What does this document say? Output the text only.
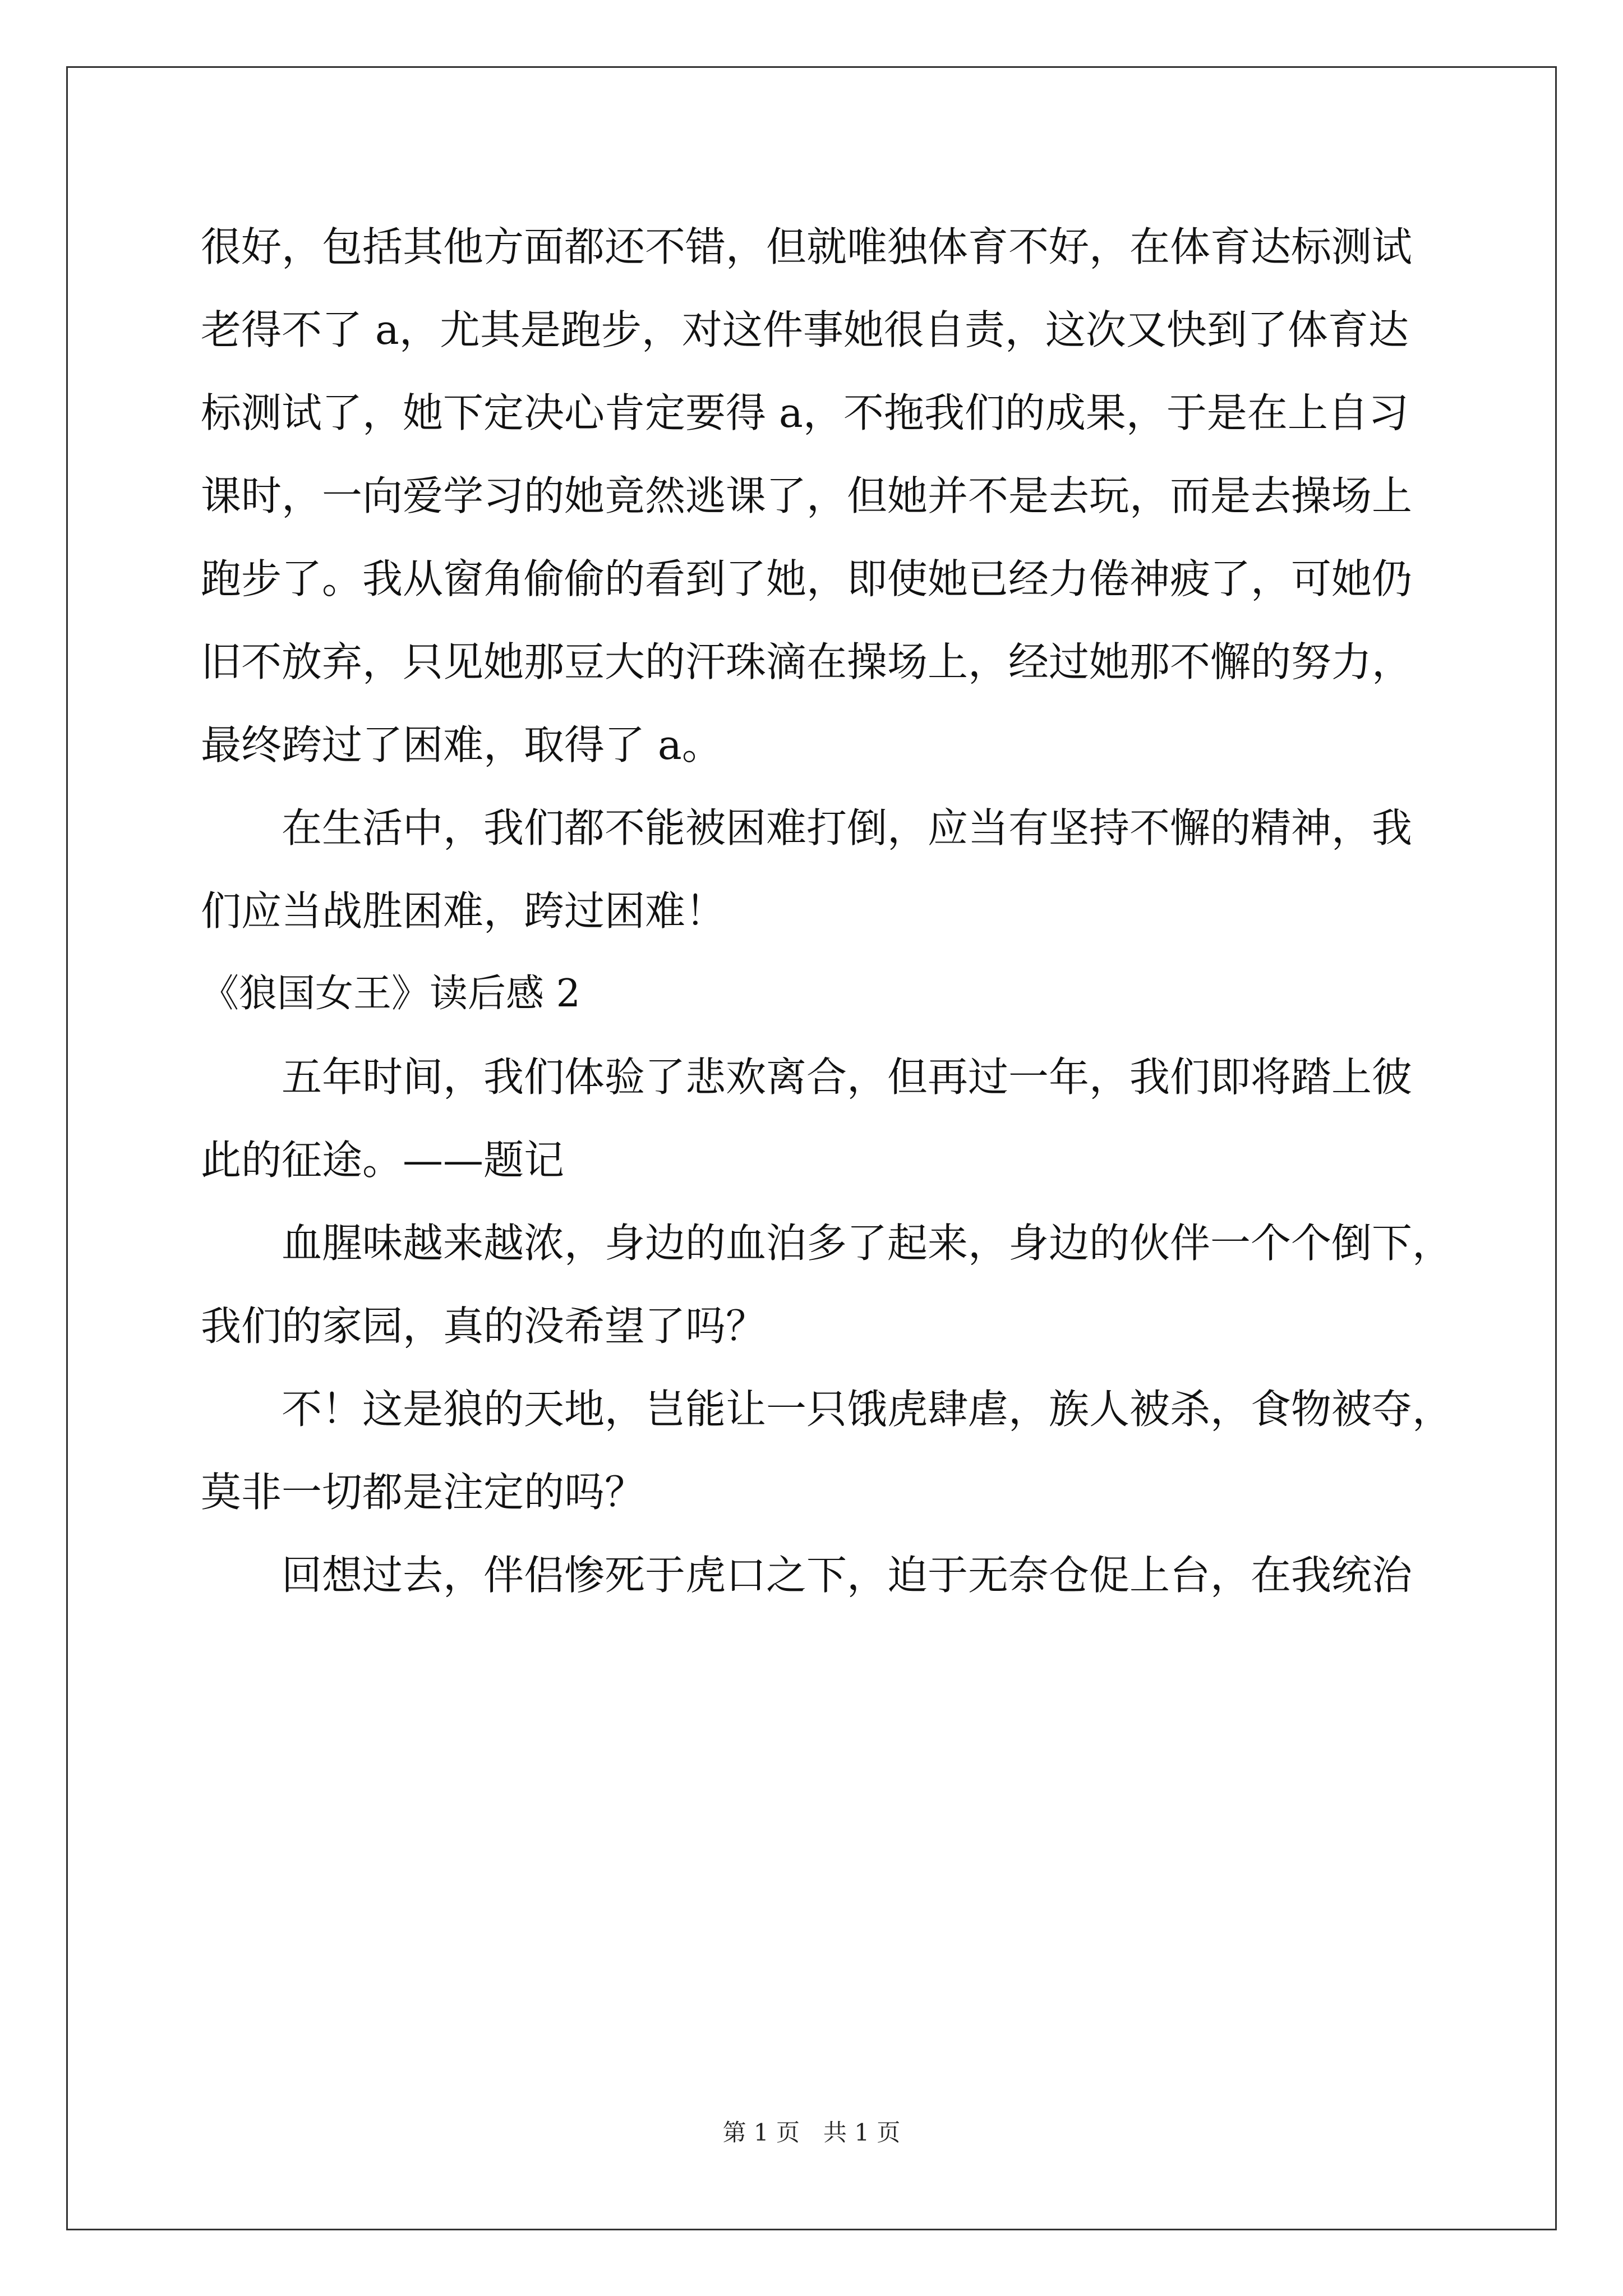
很好，包括其他方面都还不错，但就唯独体育不好，在体育达标测试
老得不了 a，尤其是跑步，对这件事她很自责，这次又快到了体育达
标测试了，她下定决心肯定要得 a，不拖我们的成果，于是在上自习
课时，一向爱学习的她竟然逃课了，但她并不是去玩，而是去操场上
跑步了。我从窗角偷偷的看到了她，即使她已经力倦神疲了，可她仍
旧不放弃，只见她那豆大的汗珠滴在操场上，经过她那不懈的努力，
最终跨过了困难，取得了 a。
在生活中，我们都不能被困难打倒，应当有坚持不懈的精神，我
们应当战胜困难，跨过困难！
《狼国女王》读后感 2
五年时间，我们体验了悲欢离合，但再过一年，我们即将踏上彼
此的征途。——题记
血腥味越来越浓，身边的血泊多了起来，身边的伙伴一个个倒下，
我们的家园，真的没希望了吗？
不！这是狼的天地，岂能让一只饿虎肆虐，族人被杀，食物被夺，
莫非一切都是注定的吗？
回想过去，伴侣惨死于虎口之下，迫于无奈仓促上台，在我统治
第 1 页　共 1 页
